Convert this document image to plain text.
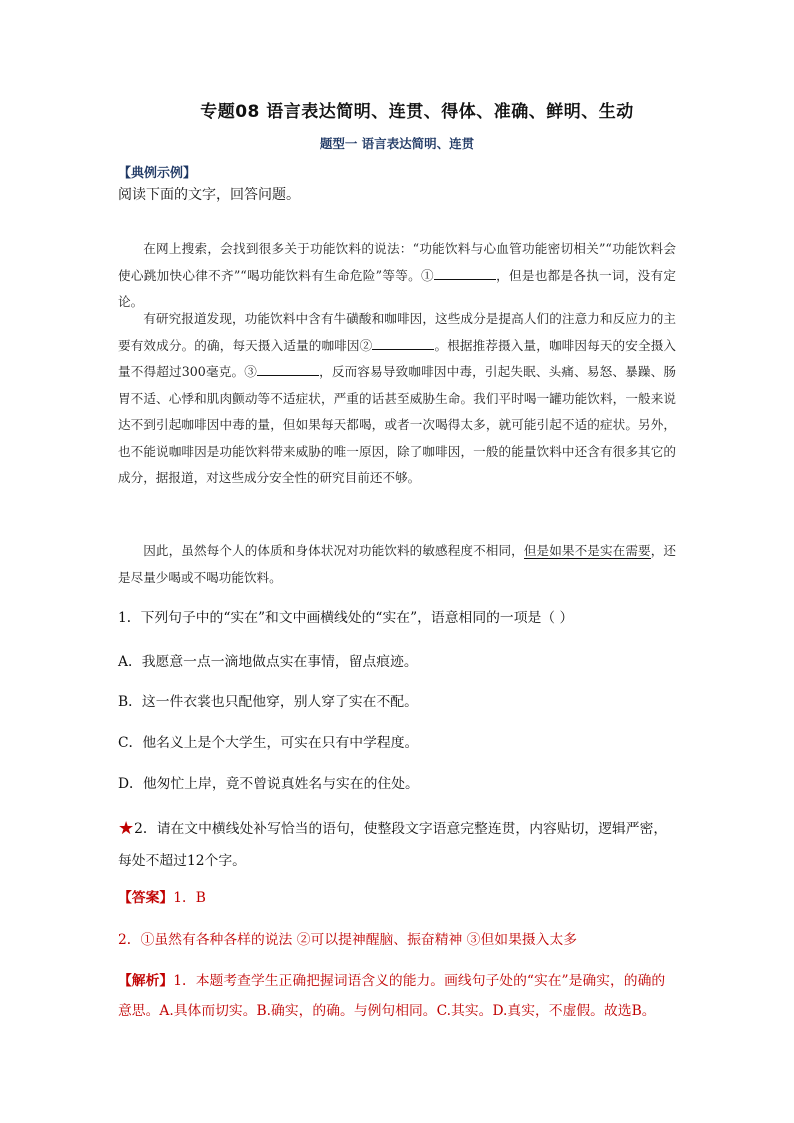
专题08 语言表达简明、连贯、得体、准确、鲜明、生动
题型一 语言表达简明、连贯
【典例示例】
阅读下面的文字，回答问题。
在网上搜索，会找到很多关于功能饮料的说法：“功能饮料与心血管功能密切相关”“功能饮料会使心跳加快心律不齐”“喝功能饮料有生命危险”等等。①	，但是也都是各执一词，没有定论。
有研究报道发现，功能饮料中含有牛磺酸和咖啡因，这些成分是提高人们的注意力和反应力的主要有效成分。的确，每天摄入适量的咖啡因②	。根据推荐摄入量，咖啡因每天的安全摄入量不得超过300毫克。③	，反而容易导致咖啡因中毒，引起失眠、头痛、易怒、暴躁、肠胃不适、心悸和肌肉颤动等不适症状，严重的话甚至威胁生命。我们平时喝一罐功能饮料，一般来说达不到引起咖啡因中毒的量，但如果每天都喝，或者一次喝得太多，就可能引起不适的症状。另外，也不能说咖啡因是功能饮料带来威胁的唯一原因，除了咖啡因，一般的能量饮料中还含有很多其它的成分，据报道，对这些成分安全性的研究目前还不够。
因此，虽然每个人的体质和身体状况对功能饮料的敏感程度不相同，但是如果不是实在需要，还是尽量少喝或不喝功能饮料。
1．下列句子中的“实在”和文中画横线处的“实在”，语意相同的一项是（ ）
A．我愿意一点一滴地做点实在事情，留点痕迹。
B．这一件衣裳也只配他穿，别人穿了实在不配。
C．他名义上是个大学生，可实在只有中学程度。
D．他匆忙上岸，竟不曾说真姓名与实在的住处。
★2．请在文中横线处补写恰当的语句，使整段文字语意完整连贯，内容贴切，逻辑严密，每处不超过12个字。
【答案】1．B
2．①虽然有各种各样的说法 ②可以提神醒脑、振奋精神 ③但如果摄入太多
【解析】1．本题考查学生正确把握词语含义的能力。画线句子处的“实在”是确实，的确的意思。A.具体而切实。B.确实，的确。与例句相同。C.其实。D.真实，不虚假。故选B。
